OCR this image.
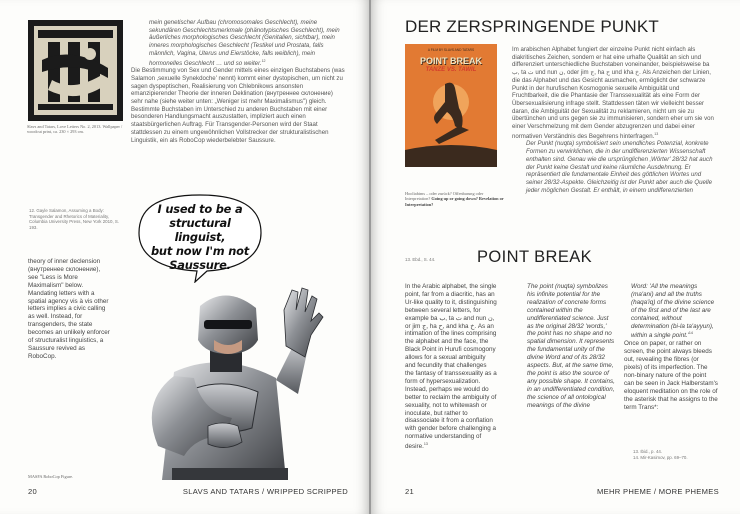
Slavs and Tatars, Love Letters No. 2, 2013. Wallpaper / woodcut print, ca. 230 × 293 cm.

mein genetischer Aufbau (chromosomales Geschlecht), meine sekundären Geschlechtsmerkmale (phänotypisches Geschlecht), mein äußerliches morphologisches Geschlecht (Genitalien, sichtbar), mein inneres morphologisches Geschlecht (Testikel und Prostata, falls männlich, Vagina, Uterus und Eierstöcke, falls weiblich), mein hormonelles Geschlecht … und so weiter.$^{12}$

Die Bestimmung von Sex und Gender mittels eines einzigen Buchstabens (was Salamon ‚sexuelle Synekdoche' nennt) kommt einer dystopischen, um nicht zu sagen dyspeptischen, Realisierung von Chlebnikows ansonsten emanzipierender Theorie der inneren Deklination (внутреннее склонение) sehr nahe (siehe weiter unten: „Weniger ist mehr Maximalismus") gleich. Bestimmte Buchstaben im Unterschied zu anderen Buchstaben mit einer besonderen Handlungsmacht auszustatten, impliziert auch einen staatsbürgerlichen Auftrag. Für Transgender-Personen wird der Staat stattdessen zu einem ungewöhnlichen Vollstrecker der strukturalistischen Linguistik, ein als RoboCop wiederbelebter Saussure.

12. Gayle Salamon, Assuming a Body: Transgender and Rhetorics of Materiality, Columbia University Press, New York 2010, S. 193.
theory of inner declension (внутреннее склонение), see "Less is More Maximalism" below. Mandating letters with a spatial agency vis à vis other letters implies a civic calling as well. Instead, for transgenders, the state becomes an unlikely enforcer of structuralist linguistics, a Saussure revived as RoboCop.
I used to be a
structural linguist,
but now I'm not
Saussure.
MASFA RoboCop Figure.
20	SLAVS AND TATARS / WRIPPED SCRIPPED
DER ZERSPRINGENDE PUNKT
A FILM BY SLAVS AND TATARS
POINT BREAK
TANZE VS. TAWIL
Hooliabims – oder zurück? Offenbarung oder Interpretation? Going up or going down? Revelation or Interpretation?

Im arabischen Alphabet fungiert der einzelne Punkt nicht einfach als diakritisches Zeichen, sondern er hat eine urhafte Qualität an sich und differenziert unterschiedliche Buchstaben voneinander, beispielsweise ba ب, ta ت und nun ن, oder jim ج, ha ح und kha خ. Als Anzeichen der Linien, die das Alphabet und das Gesicht ausmachen, ermöglicht der schwarze Punkt in der hurufischen Kosmogonie sexuelle Ambiguität und Fruchtbarkeit, die die Phantasie der Transsexualität als eine Form der Übersexualisierung infrage stellt. Stattdessen täten wir vielleicht besser daran, die Ambiguität der Sexualität zu reklamieren, nicht um sie zu übertünchen und uns gegen sie zu immunisieren, sondern eher um sie von einer Verschmelzung mit dem Gender abzugrenzen und dabei einer normativen Verständnis des Begehrens hinterfragen.$^{13}$

Der Punkt (nuqta) symbolisiert sein unendliches Potenzial, konkrete Formen zu verwirklichen, die in der undifferenzierten Wissenschaft enthalten sind. Genau wie die ursprünglichen ‚Wörter' 28/32 hat auch der Punkt keine Gestalt und keine räumliche Ausdehnung. Er repräsentiert die fundamentale Einheit des göttlichen Wortes und seiner 28/32-Aspekte. Gleichzeitig ist der Punkt aber auch die Quelle jeder möglichen Gestalt. Er enthält, in einem undifferenzierten

13. Ebd., S. 44.	POINT BREAK
In the Arabic alphabet, the single point, far from a diacritic, has an Ur-like quality to it, distinguishing between several letters, for example ba ب, ta ت and nun ن, or jim ج, ha ح, and kha خ. As an intimation of the lines comprising the alphabet and the face, the Black Point in Hurufi cosmogony allows for a sexual ambiguity and fecundity that challenges the fantasy of transsexuality as a form of hypersexualization. Instead, perhaps we would do better to reclaim the ambiguity of sexuality, not to whitewash or inoculate, but rather to disassociate it from a conflation with gender before challenging a normative understanding of desire.$^{13}$
The point (nuqta) symbolizes his infinite potential for the realization of concrete forms contained within the undifferentiated science. Just as the original 28/32 'words,' the point has no shape and no spatial dimension. It represents the fundamental unity of the divine Word and of its 28/32 aspects. But, at the same time, the point is also the source of any possible shape. It contains, in an undifferentiated condition, the science of all ontological meanings of the divine
Word: 'All the meanings (ma'ani) and all the truths (haqa'iq) of the divine science of the first and of the last are contained, without determination (bi-la ta'ayyun), within a single $point.'^{14}$
Once on paper, or rather on screen, the point always bleeds out, revealing the fibres (or pixels) of its imperfection. The non-binary nature of the point can be seen in Jack Halberstam's eloquent meditation on the role of the asterisk that he assigns to the term Trans*:
13. Ibid., p. 44.
14. Mir-Kasimov, pp. 69–70.
21	MEHR PHEME / MORE PHEMES
